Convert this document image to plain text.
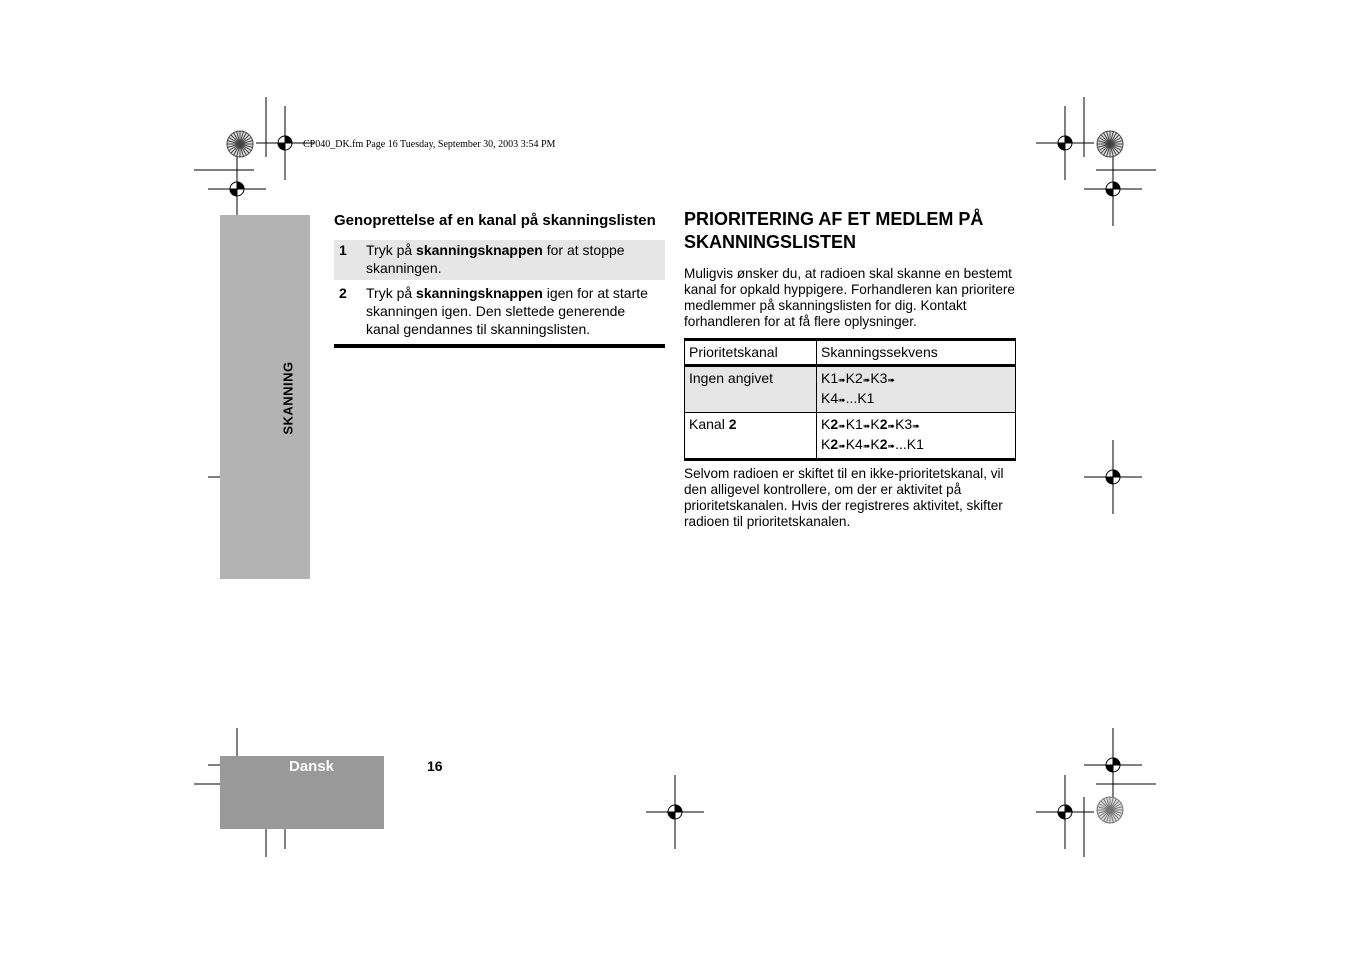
CP040_DK.fm Page 16 Tuesday, September 30, 2003 3:54 PM
SKANNING
Dansk	16
Genoprettelse af en kanal på skanningslisten
1	Tryk på skanningsknappen for at stoppe skanningen.
2	Tryk på skanningsknappen igen for at starte skanningen igen. Den slettede generende kanal gendannes til skanningslisten.
PRIORITERING AF ET MEDLEM PÅ SKANNINGSLISTEN

Muligvis ønsker du, at radioen skal skanne en bestemt kanal for opkald hyppigere. Forhandleren kan prioritere medlemmer på skanningslisten for dig. Kontakt forhandleren for at få flere oplysninger.

Prioritetskanal	Skanningssekvens
Ingen angivet	K1➠K2➠K3➠
K4➠...K1
Kanal 2	K2➠K1➠K2➠K3➠
K2➠K4➠K2➠...K1

Selvom radioen er skiftet til en ikke-prioritetskanal, vil den alligevel kontrollere, om der er aktivitet på prioritetskanalen. Hvis der registreres aktivitet, skifter radioen til prioritetskanalen.
